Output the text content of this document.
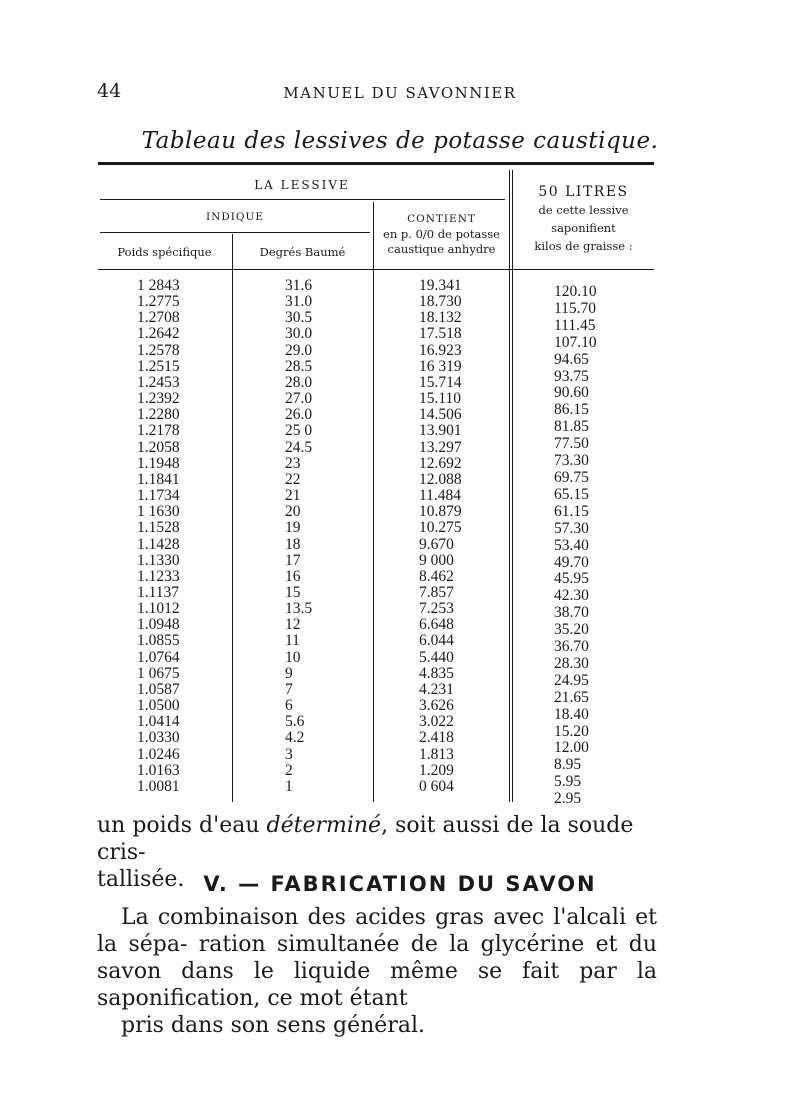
44	MANUEL DU SAVONNIER
Tableau des lessives de potasse caustique.
LA LESSIVE
INDIQUE
Poids spécifique	Degrés Baumé
CONTIENT
en p. 0/0 de potasse
caustique anhydre
50 LITRES
de cette lessive
saponifient
kilos de graisse :
1 2843
1.2775
1.2708
1.2642
1.2578
1.2515
1.2453
1.2392
1.2280
1.2178
1.2058
1.1948
1.1841
1.1734
1 1630
1.1528
1.1428
1.1330
1.1233
1.1137
1.1012
1.0948
1.0855
1.0764
1 0675
1.0587
1.0500
1.0414
1.0330
1.0246
1.0163
1.0081
31.6
31.0
30.5
30.0
29.0
28.5
28.0
27.0
26.0
25 0
24.5
23
22
21
20
19
18
17
16
15
13.5
12
11
10
9
7
6
5.6
4.2
3
2
1
19.341
18.730
18.132
17.518
16.923
16 319
15.714
15.110
14.506
13.901
13.297
12.692
12.088
11.484
10.879
10.275
9.670
9 000
8.462
7.857
7.253
6.648
6.044
5.440
4.835
4.231
3.626
3.022
2.418
1.813
1.209
0 604
120.10
115.70
111.45
107.10
94.65
93.75
90.60
86.15
81.85
77.50
73.30
69.75
65.15
61.15
57.30
53.40
49.70
45.95
42.30
38.70
35.20
36.70
28.30
24.95
21.65
18.40
15.20
12.00
8.95
5.95
2.95

un poids d'eau déterminé, soit aussi de la soude cris-
tallisée. V. — FABRICATION DU SAVON

La combinaison des acides gras avec l'alcali et la sépa- ration simultanée de la glycérine et du savon dans le liquide même se fait par la saponification, ce mot étant
pris dans son sens général.
